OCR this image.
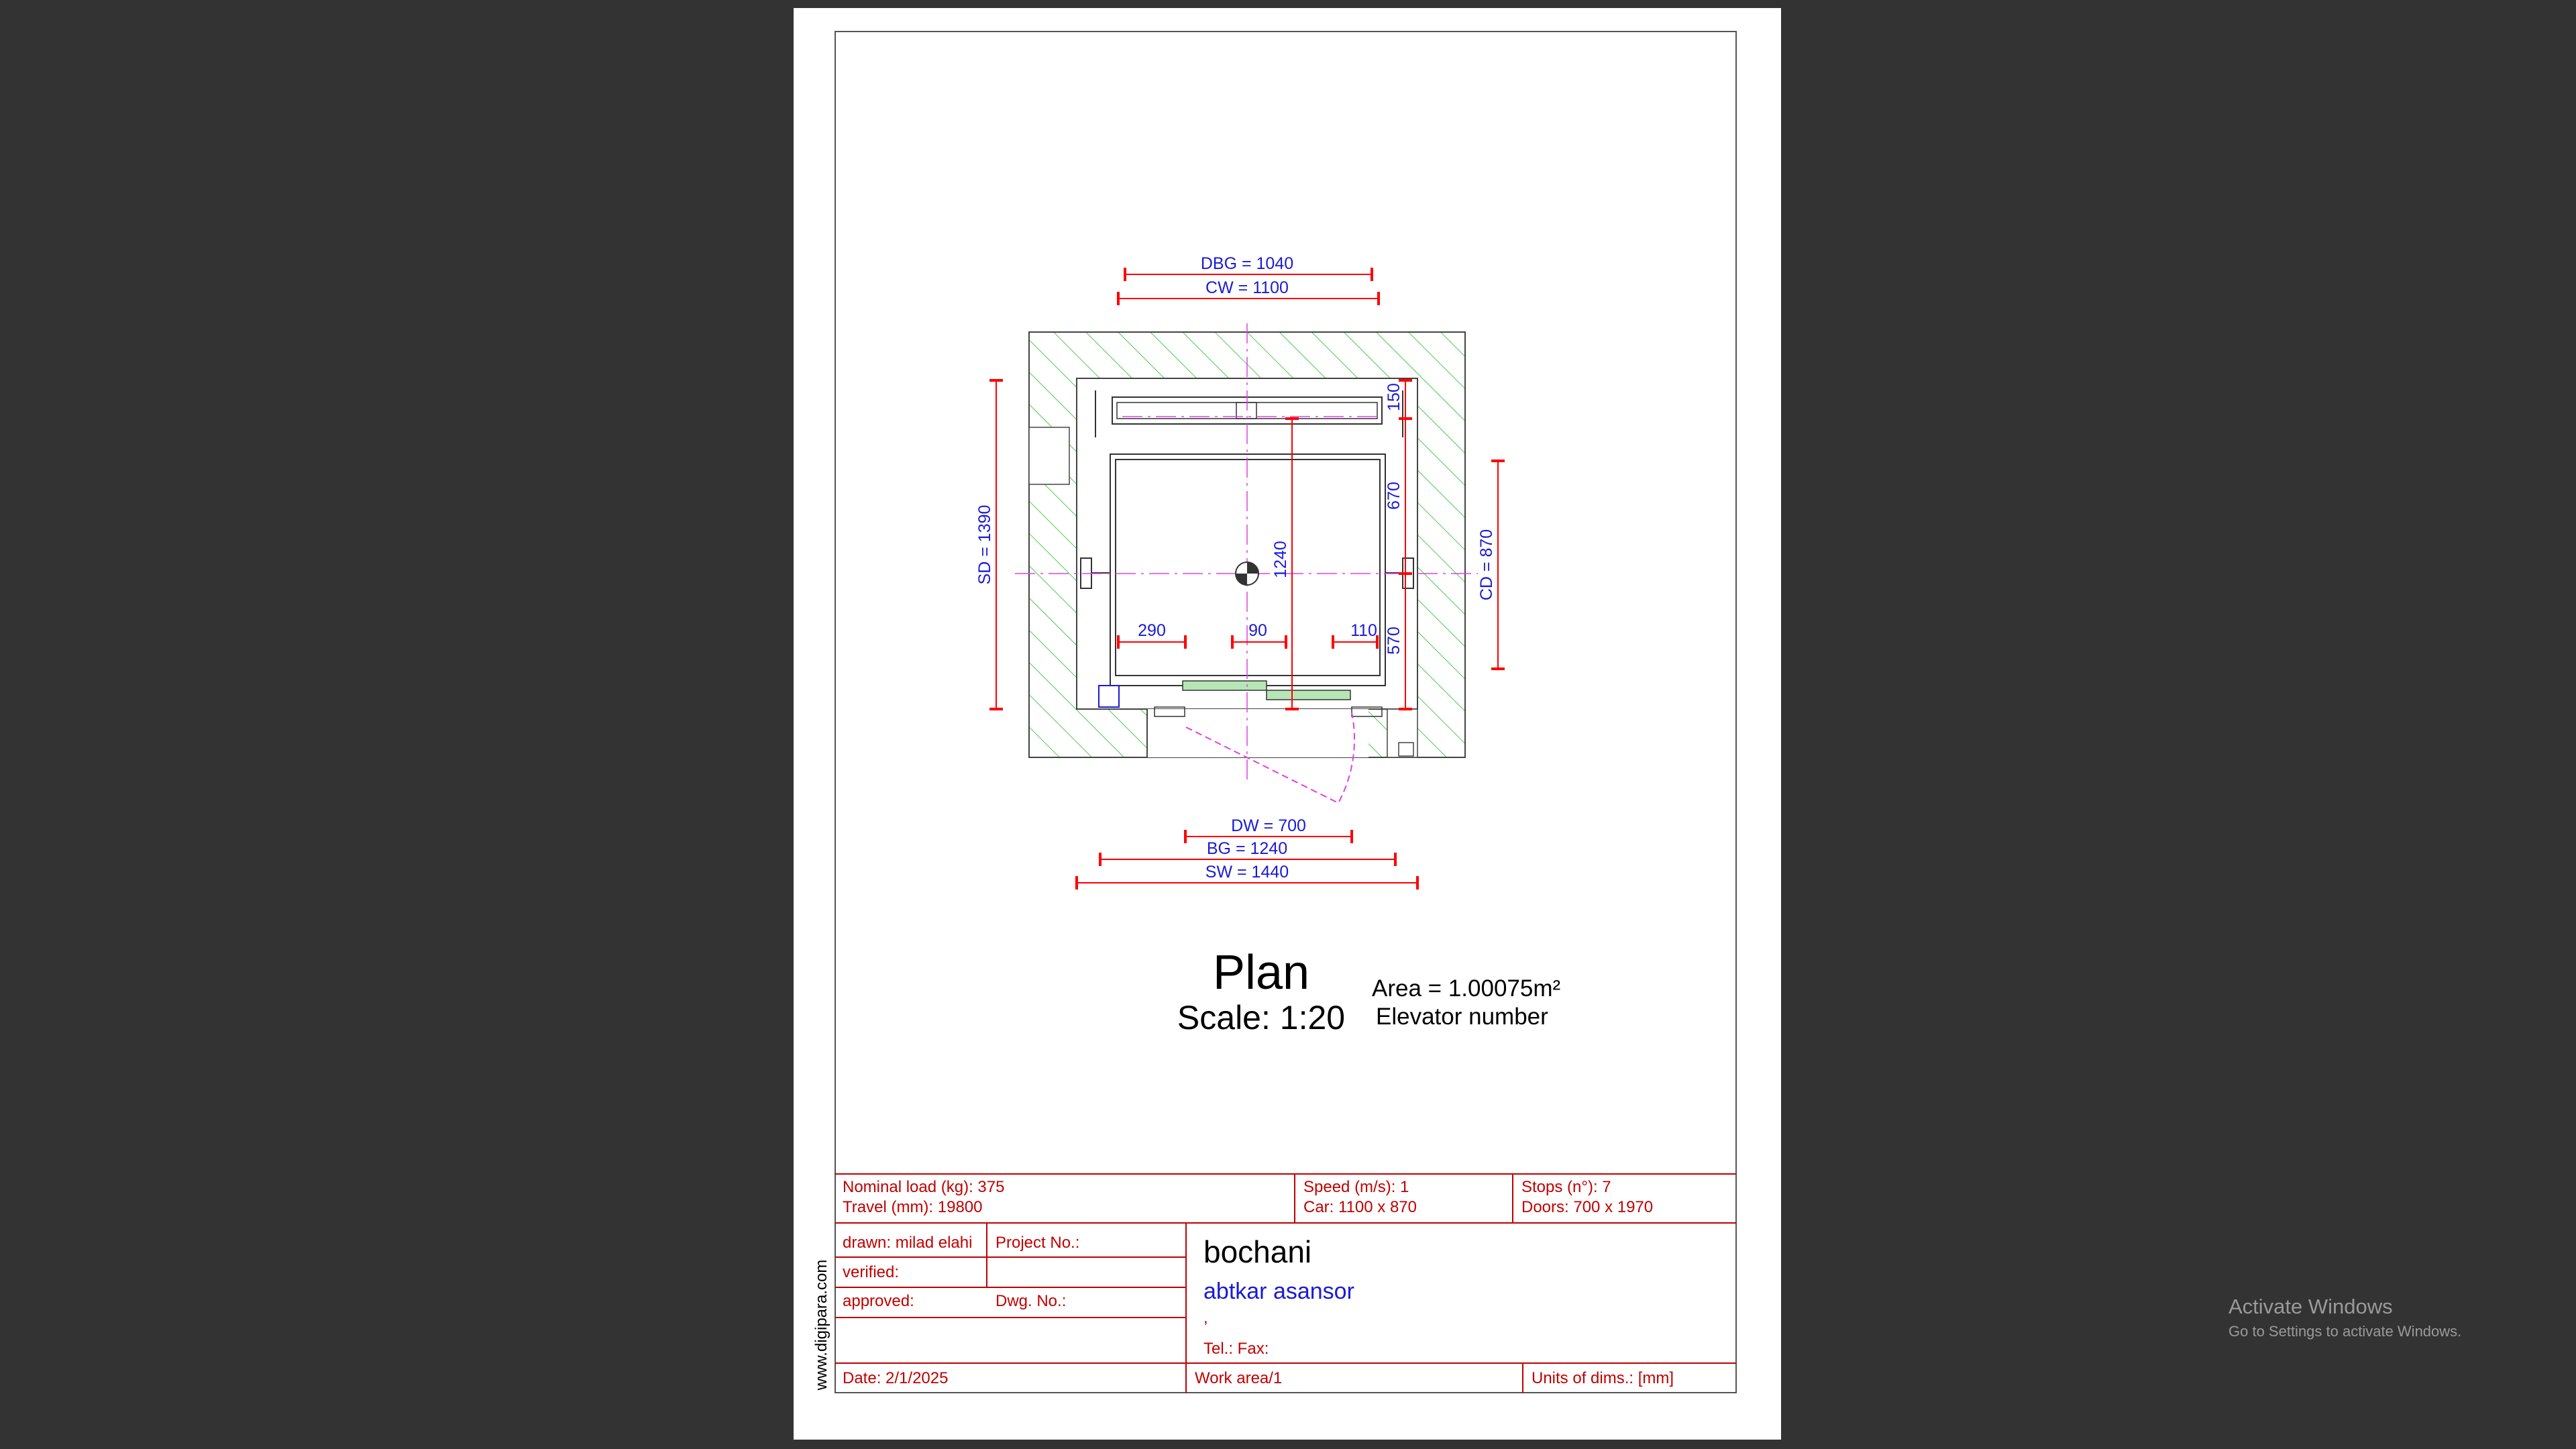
DBG = 1040
CW = 1100
SD = 1390	CD = 870
150
670
570
1240
290	90	110
DW = 700
BG = 1240
SW = 1440
Plan
Scale: 1:20
Area = 1.00075m²
Elevator number
Nominal load (kg): 375
Travel (mm): 19800
Speed (m/s): 1
Car: 1100 x 870
Stops (n°): 7
Doors: 700 x 1970
drawn: milad elahi Project No.:
verified:
approved:	Dwg. No.:
Date: 2/1/2025	Work area/1	Units of dims.: [mm]
bochani
abtkar asansor
,
Tel.: Fax:
www.digipara.com	Activate Windows
Go to Settings to activate Windows.
